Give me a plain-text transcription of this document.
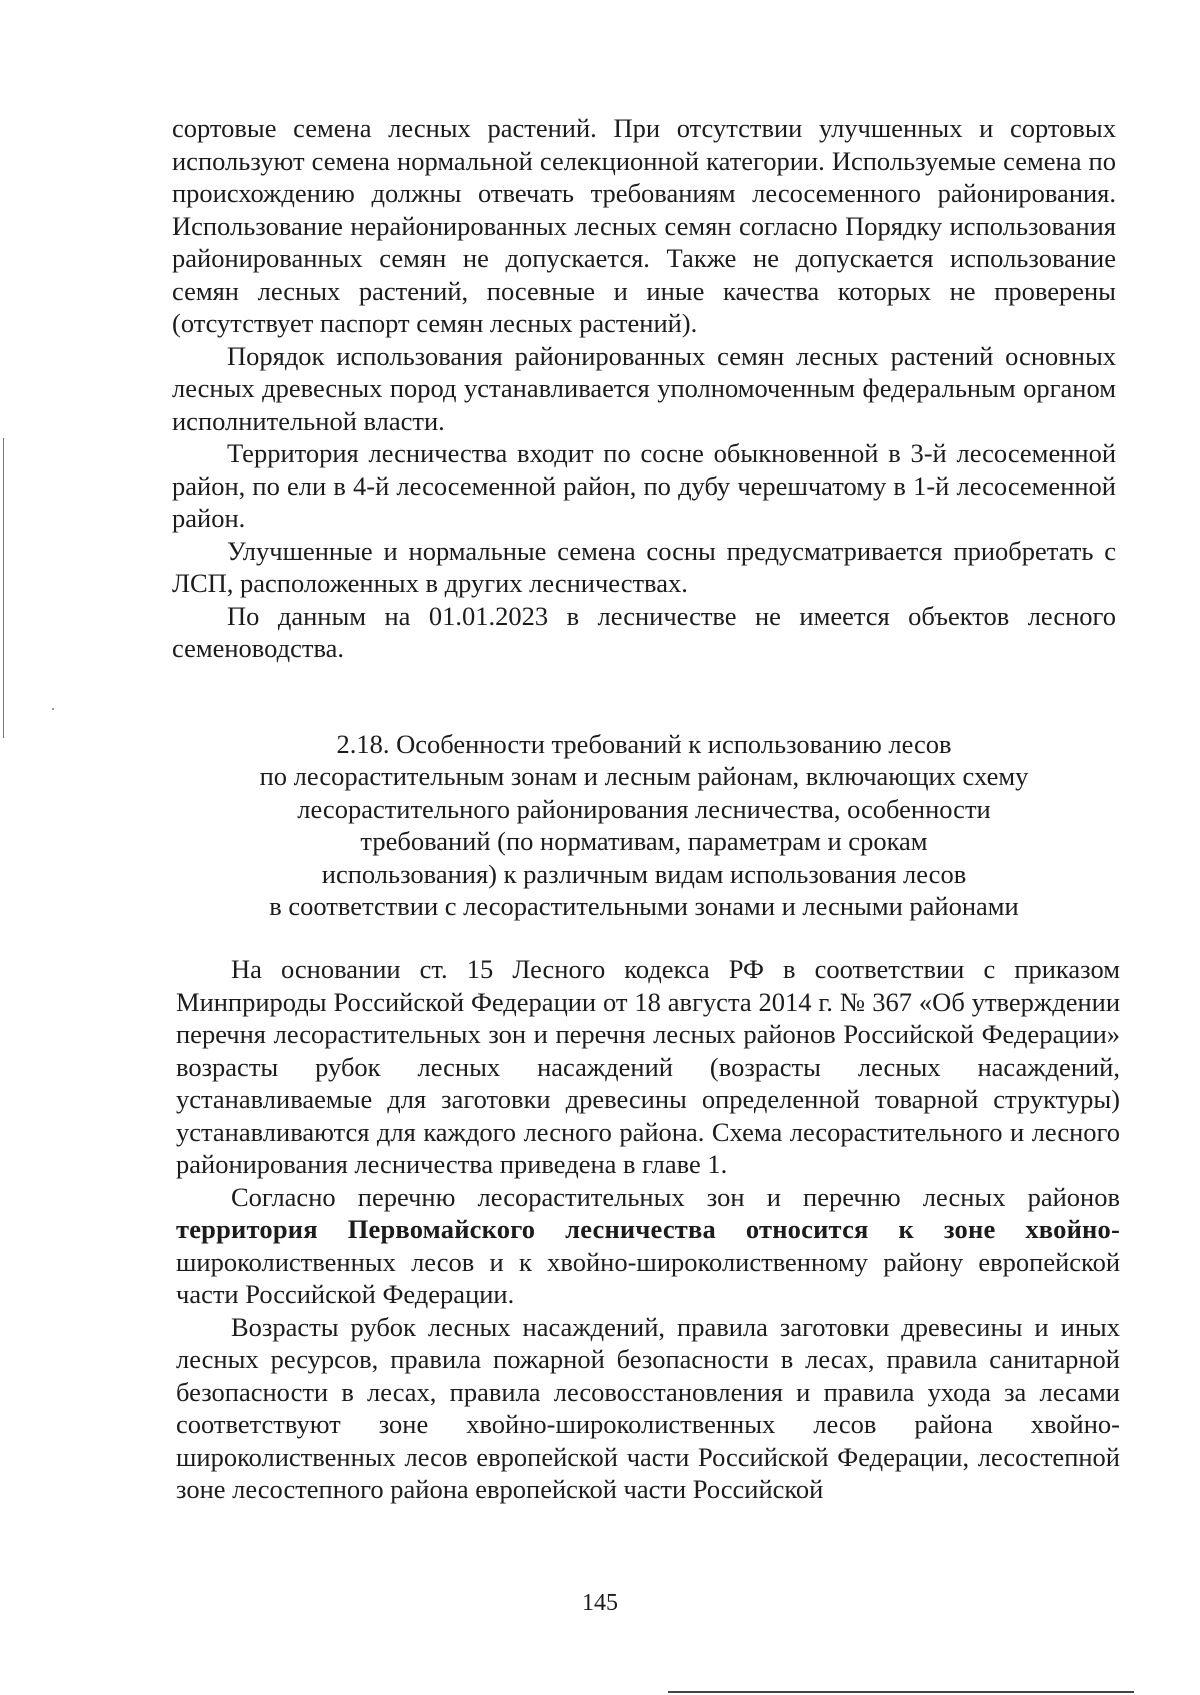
сортовые семена лесных растений. При отсутствии улучшенных и сортовых используют семена нормальной селекционной категории. Используемые семена по происхождению должны отвечать требованиям лесосеменного районирования. Использование нерайонированных лесных семян согласно Порядку использования районированных семян не допускается. Также не допускается использование семян лесных растений, посевные и иные качества которых не проверены (отсутствует паспорт семян лесных растений).

Порядок использования районированных семян лесных растений основных лесных древесных пород устанавливается уполномоченным федеральным органом исполнительной власти.

Территория лесничества входит по сосне обыкновенной в 3-й лесосеменной район, по ели в 4-й лесосеменной район, по дубу черешчатому в 1-й лесосеменной район.

Улучшенные и нормальные семена сосны предусматривается приобретать с ЛСП, расположенных в других лесничествах.

По данным на 01.01.2023 в лесничестве не имеется объектов лесного семеноводства.

2.18. Особенности требований к использованию лесов
по лесорастительным зонам и лесным районам, включающих схему
лесорастительного районирования лесничества, особенности
требований (по нормативам, параметрам и срокам
использования) к различным видам использования лесов
в соответствии с лесорастительными зонами и лесными районами

На основании ст. 15 Лесного кодекса РФ в соответствии с приказом Минприроды Российской Федерации от 18 августа 2014 г. № 367 «Об утверждении перечня лесорастительных зон и перечня лесных районов Российской Федерации» возрасты рубок лесных насаждений (возрасты лесных насаждений, устанавливаемые для заготовки древесины определенной товарной структуры) устанавливаются для каждого лесного района. Схема лесорастительного и лесного районирования лесничества приведена в главе 1.

Согласно перечню лесорастительных зон и перечню лесных районов территория Первомайского лесничества относится к зоне хвойно-широколиственных лесов и к хвойно-широколиственному району европейской части Российской Федерации.

Возрасты рубок лесных насаждений, правила заготовки древесины и иных лесных ресурсов, правила пожарной безопасности в лесах, правила санитарной безопасности в лесах, правила лесовосстановления и правила ухода за лесами соответствуют зоне хвойно-широколиственных лесов района хвойно-широколиственных лесов европейской части Российской Федерации, лесостепной зоне лесостепного района европейской части Российской

145
